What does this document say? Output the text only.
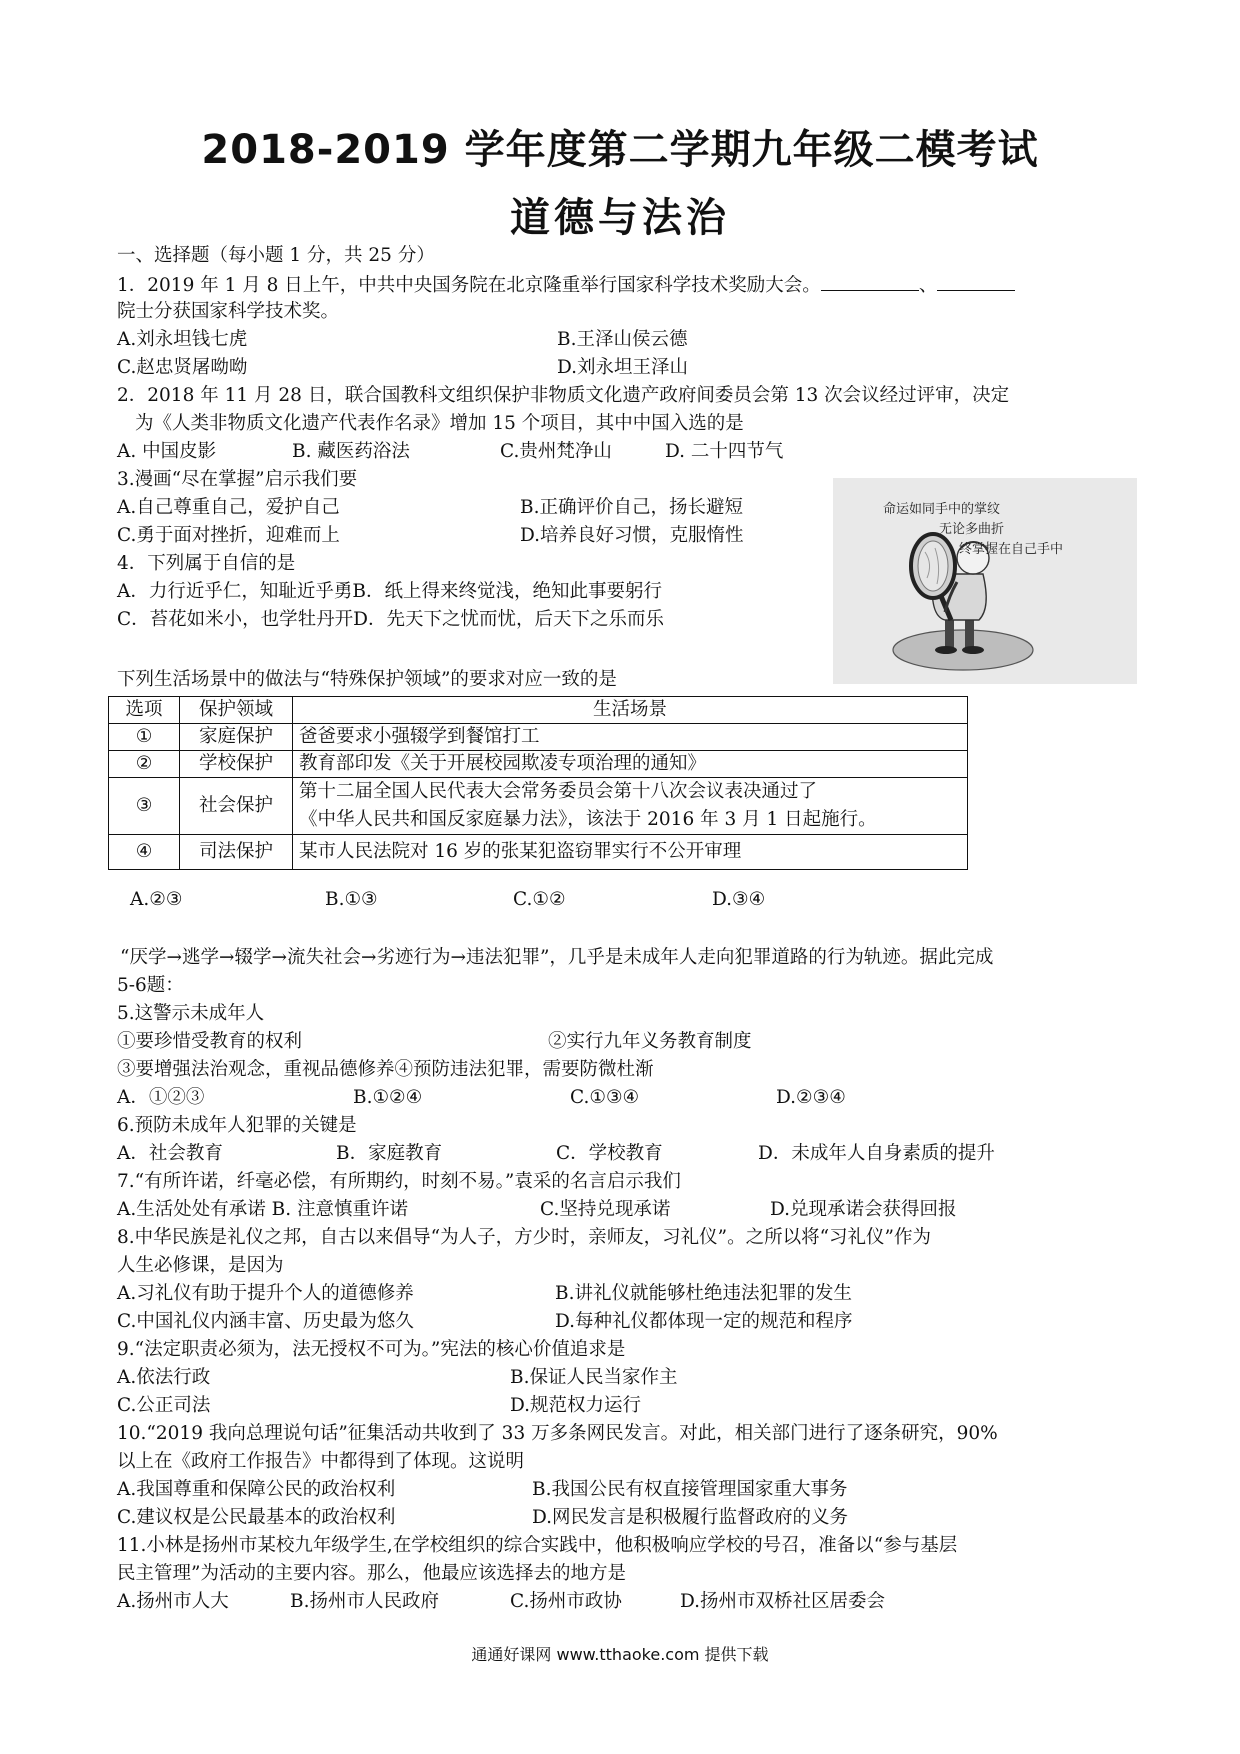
2018-2019 学年度第二学期九年级二模考试
道德与法治
一、选择题（每小题 1 分，共 25 分）
1．2019 年 1 月 8 日上午，中共中央国务院在北京隆重举行国家科学技术奖励大会。	、
院士分获国家科学技术奖。
A.刘永坦钱七虎	B.王泽山侯云德
C.赵忠贤屠呦呦	D.刘永坦王泽山
2．2018 年 11 月 28 日，联合国教科文组织保护非物质文化遗产政府间委员会第 13 次会议经过评审，决定
为《人类非物质文化遗产代表作名录》增加 15 个项目，其中中国入选的是
A. 中国皮影	B. 藏医药浴法	C.贵州梵净山	D. 二十四节气
3.漫画“尽在掌握”启示我们要
A.自己尊重自己，爱护自己	B.正确评价自己，扬长避短
C.勇于面对挫折，迎难而上	D.培养良好习惯，克服惰性
命运如同手中的掌纹
无论多曲折
终掌握在自己手中
4．下列属于自信的是
A．力行近乎仁，知耻近乎勇B．纸上得来终觉浅，绝知此事要躬行
C．苔花如米小，也学牡丹开D．先天下之忧而忧，后天下之乐而乐
下列生活场景中的做法与“特殊保护领域”的要求对应一致的是
选项	保护领域	生活场景
①	家庭保护	爸爸要求小强辍学到餐馆打工
②	学校保护	教育部印发《关于开展校园欺凌专项治理的通知》
③	社会保护	第十二届全国人民代表大会常务委员会第十八次会议表决通过了
《中华人民共和国反家庭暴力法》，该法于 2016 年 3 月 1 日起施行。

④	司法保护	某市人民法院对 16 岁的张某犯盗窃罪实行不公开审理
A.②③	B.①③	C.①②	D.③④
“厌学→逃学→辍学→流失社会→劣迹行为→违法犯罪”，几乎是未成年人走向犯罪道路的行为轨迹。据此完成
5-6题：
5.这警示未成年人
①要珍惜受教育的权利	②实行九年义务教育制度
③要增强法治观念，重视品德修养④预防违法犯罪，需要防微杜渐
A．①②③	B.①②④	C.①③④	D.②③④
6.预防未成年人犯罪的关键是
A．社会教育	B．家庭教育	C．学校教育	D．未成年人自身素质的提升
7.“有所许诺，纤毫必偿，有所期约，时刻不易。”袁采的名言启示我们
A.生活处处有承诺 B. 注意慎重许诺	C.坚持兑现承诺	D.兑现承诺会获得回报
8.中华民族是礼仪之邦，自古以来倡导“为人子，方少时，亲师友，习礼仪”。之所以将“习礼仪”作为
人生必修课，是因为
A.习礼仪有助于提升个人的道德修养	B.讲礼仪就能够杜绝违法犯罪的发生
C.中国礼仪内涵丰富、历史最为悠久	D.每种礼仪都体现一定的规范和程序
9.“法定职责必须为，法无授权不可为。”宪法的核心价值追求是
A.依法行政	B.保证人民当家作主
C.公正司法	D.规范权力运行
10.“2019 我向总理说句话”征集活动共收到了 33 万多条网民发言。对此，相关部门进行了逐条研究，90%
以上在《政府工作报告》中都得到了体现。这说明
A.我国尊重和保障公民的政治权利	B.我国公民有权直接管理国家重大事务
C.建议权是公民最基本的政治权利	D.网民发言是积极履行监督政府的义务
11.小林是扬州市某校九年级学生,在学校组织的综合实践中，他积极响应学校的号召，准备以“参与基层
民主管理”为活动的主要内容。那么，他最应该选择去的地方是
A.扬州市人大	B.扬州市人民政府	C.扬州市政协	D.扬州市双桥社区居委会
通通好课网 www.tthaoke.com 提供下载
